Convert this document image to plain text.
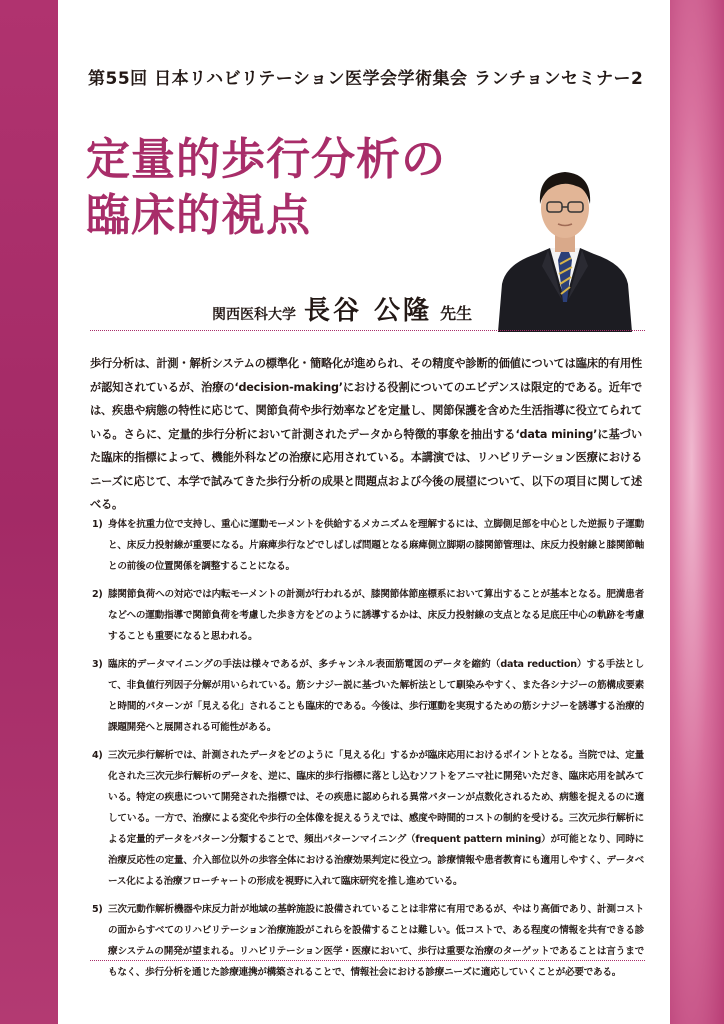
第55回 日本リハビリテーション医学会学術集会 ランチョンセミナー2
定量的歩行分析の
臨床的視点
関西医科大学 長谷 公隆 先生

歩行分析は、計測・解析システムの標準化・簡略化が進められ、その精度や診断的価値については臨床的有用性が認知されているが、治療の‘decision-making’における役割についてのエビデンスは限定的である。近年では、疾患や病態の特性に応じて、関節負荷や歩行効率などを定量し、関節保護を含めた生活指導に役立てられている。さらに、定量的歩行分析において計測されたデータから特徴的事象を抽出する‘data mining’に基づいた臨床的指標によって、機能外科などの治療に応用されている。本講演では、リハビリテーション医療におけるニーズに応じて、本学で試みてきた歩行分析の成果と問題点および今後の展望について、以下の項目に関して述べる。

1) 身体を抗重力位で支持し、重心に運動モーメントを供給するメカニズムを理解するには、立脚側足部を中心とした逆振り子運動と、床反力投射線が重要になる。片麻痺歩行などでしばしば問題となる麻痺側立脚期の膝関節管理は、床反力投射線と膝関節軸との前後の位置関係を調整することになる。
2) 膝関節負荷への対応では内転モーメントの計測が行われるが、膝関節体節座標系において算出することが基本となる。肥満患者などへの運動指導で関節負荷を考慮した歩き方をどのように誘導するかは、床反力投射線の支点となる足底圧中心の軌跡を考慮することも重要になると思われる。
3) 臨床的データマイニングの手法は様々であるが、多チャンネル表面筋電図のデータを縮約（data reduction）する手法として、非負値行列因子分解が用いられている。筋シナジー説に基づいた解析法として馴染みやすく、また各シナジーの筋構成要素と時間的パターンが「見える化」されることも臨床的である。今後は、歩行運動を実現するための筋シナジーを誘導する治療的課題開発へと展開される可能性がある。
4) 三次元歩行解析では、計測されたデータをどのように「見える化」するかが臨床応用におけるポイントとなる。当院では、定量化された三次元歩行解析のデータを、逆に、臨床的歩行指標に落とし込むソフトをアニマ社に開発いただき、臨床応用を試みている。特定の疾患について開発された指標では、その疾患に認められる異常パターンが点数化されるため、病態を捉えるのに適している。一方で、治療による変化や歩行の全体像を捉えるうえでは、感度や時間的コストの制約を受ける。三次元歩行解析による定量的データをパターン分類することで、頻出パターンマイニング（frequent pattern mining）が可能となり、同時に治療反応性の定量、介入部位以外の歩容全体における治療効果判定に役立つ。診療情報や患者教育にも適用しやすく、データベース化による治療フローチャートの形成を視野に入れて臨床研究を推し進めている。
5) 三次元動作解析機器や床反力計が地域の基幹施設に設備されていることは非常に有用であるが、やはり高価であり、計測コストの面からすべてのリハビリテーション治療施設がこれらを設備することは難しい。低コストで、ある程度の情報を共有できる診療システムの開発が望まれる。リハビリテーション医学・医療において、歩行は重要な治療のターゲットであることは言うまでもなく、歩行分析を通じた診療連携が構築されることで、情報社会における診療ニーズに適応していくことが必要である。
